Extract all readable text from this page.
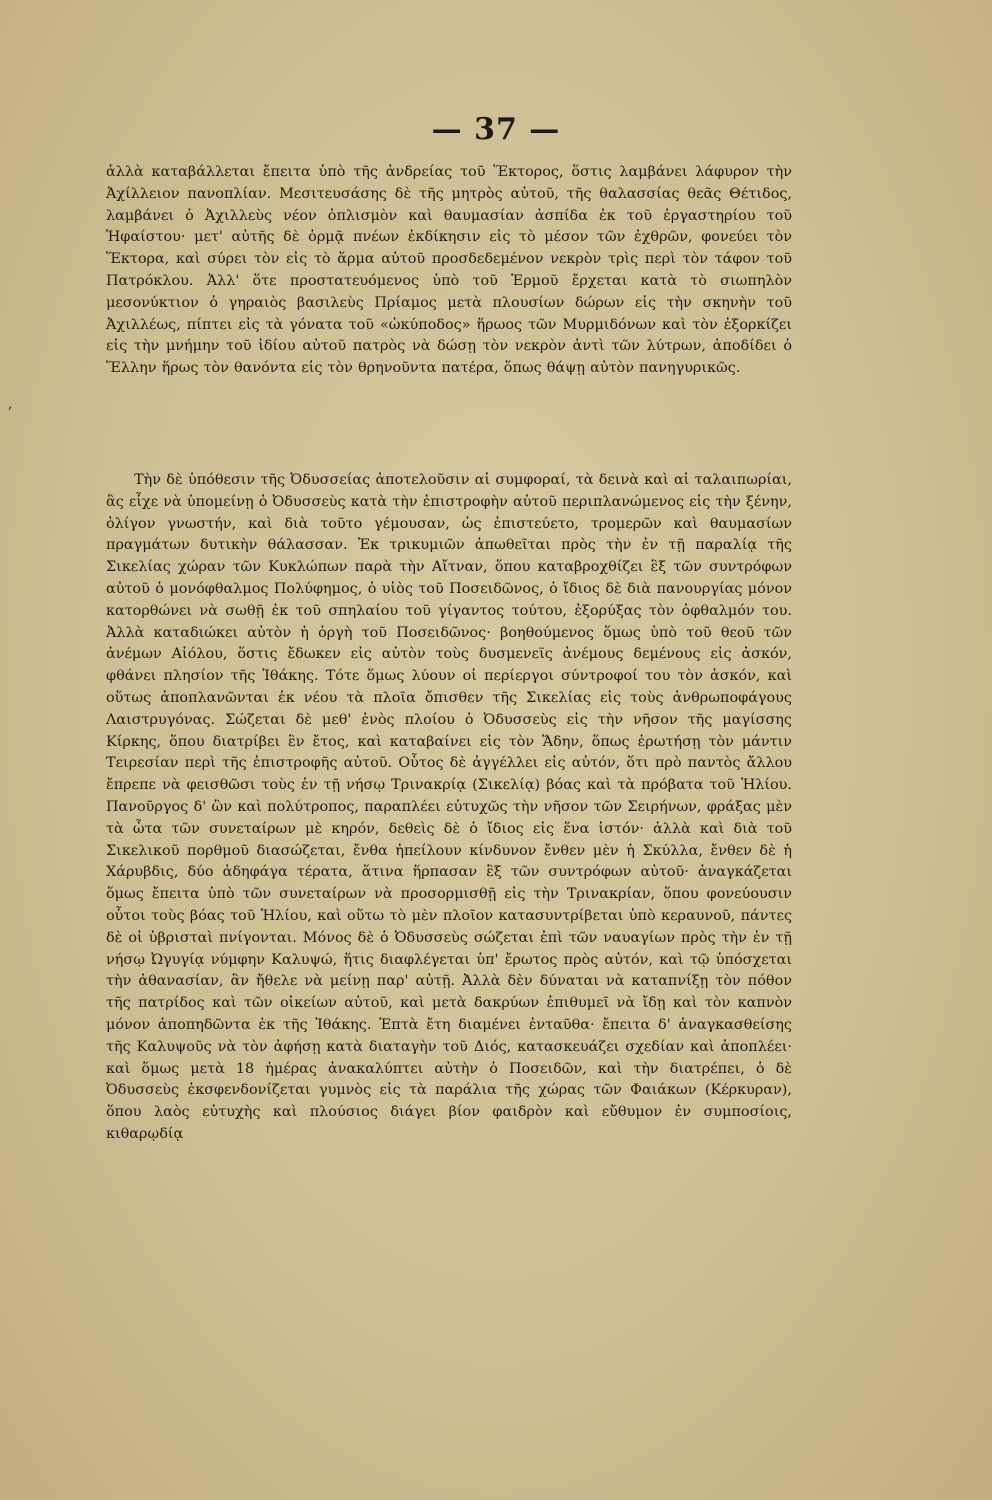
— 37 —

ἀλλὰ καταβάλλεται ἔπειτα ὑπὸ τῆς ἀνδρείας τοῦ Ἕκτορος, ὅστις λαμβάνει λάφυρον τὴν Ἀχίλλειον πανοπλίαν. Μεσιτευσάσης δὲ τῆς μητρὸς αὐτοῦ, τῆς θαλασσίας θεᾶς Θέτιδος, λαμβάνει ὁ Ἀχιλλεὺς νέον ὁπλισμὸν καὶ θαυμασίαν ἀσπίδα ἐκ τοῦ ἐργαστηρίου τοῦ Ἡφαίστου· μετ' αὐτῆς δὲ ὁρμᾷ πνέων ἐκδίκησιν εἰς τὸ μέσον τῶν ἐχθρῶν, φονεύει τὸν Ἕκτορα, καὶ σύρει τὸν εἰς τὸ ἅρμα αὐτοῦ προσδεδεμένον νεκρὸν τρὶς περὶ τὸν τάφον τοῦ Πατρόκλου. Ἀλλ' ὅτε προστατευόμενος ὑπὸ τοῦ Ἑρμοῦ ἔρχεται κατὰ τὸ σιωπηλὸν μεσονύκτιον ὁ γηραιὸς βασιλεὺς Πρίαμος μετὰ πλουσίων δώρων εἰς τὴν σκηνὴν τοῦ Ἀχιλλέως, πίπτει εἰς τὰ γόνατα τοῦ «ὠκύποδος» ἥρωος τῶν Μυρμιδόνων καὶ τὸν ἐξορκίζει εἰς τὴν μνήμην τοῦ ἰδίου αὐτοῦ πατρὸς νὰ δώσῃ τὸν νεκρὸν ἀντὶ τῶν λύτρων, ἀποδίδει ὁ Ἕλλην ἥρως τὸν θανόντα εἰς τὸν θρηνοῦντα πατέρα, ὅπως θάψῃ αὐτὸν πανηγυρικῶς.

Τὴν δὲ ὑπόθεσιν τῆς Ὀδυσσείας ἀποτελοῦσιν αἱ συμφοραί, τὰ δεινὰ καὶ αἱ ταλαιπωρίαι, ἃς εἶχε νὰ ὑπομείνῃ ὁ Ὀδυσσεὺς κατὰ τὴν ἐπιστροφὴν αὐτοῦ περιπλανώμενος εἰς τὴν ξένην, ὀλίγον γνωστήν, καὶ διὰ τοῦτο γέμουσαν, ὡς ἐπιστεύετο, τρομερῶν καὶ θαυμασίων πραγμάτων δυτικὴν θάλασσαν. Ἐκ τρικυμιῶν ἀπωθεῖται πρὸς τὴν ἐν τῇ παραλίᾳ τῆς Σικελίας χώραν τῶν Κυκλώπων παρὰ τὴν Αἴτναν, ὅπου καταβροχθίζει ἓξ τῶν συντρόφων αὐτοῦ ὁ μονόφθαλμος Πολύφημος, ὁ υἱὸς τοῦ Ποσειδῶνος, ὁ ἴδιος δὲ διὰ πανουργίας μόνον κατορθώνει νὰ σωθῇ ἐκ τοῦ σπηλαίου τοῦ γίγαντος τούτου, ἐξορύξας τὸν ὀφθαλμόν του. Ἀλλὰ καταδιώκει αὐτὸν ἡ ὀργὴ τοῦ Ποσειδῶνος· βοηθούμενος ὅμως ὑπὸ τοῦ θεοῦ τῶν ἀνέμων Αἰόλου, ὅστις ἔδωκεν εἰς αὐτὸν τοὺς δυσμενεῖς ἀνέμους δεμένους εἰς ἀσκόν, φθάνει πλησίον τῆς Ἰθάκης. Τότε ὅμως λύουν οἱ περίεργοι σύντροφοί του τὸν ἀσκόν, καὶ οὕτως ἀποπλανῶνται ἐκ νέου τὰ πλοῖα ὄπισθεν τῆς Σικελίας εἰς τοὺς ἀνθρωποφάγους Λαιστρυγόνας. Σώζεται δὲ μεθ' ἑνὸς πλοίου ὁ Ὀδυσσεὺς εἰς τὴν νῆσον τῆς μαγίσσης Κίρκης, ὅπου διατρίβει ἓν ἔτος, καὶ καταβαίνει εἰς τὸν Ἅδην, ὅπως ἐρωτήσῃ τὸν μάντιν Τειρεσίαν περὶ τῆς ἐπιστροφῆς αὐτοῦ. Οὗτος δὲ ἀγγέλλει εἰς αὐτόν, ὅτι πρὸ παντὸς ἄλλου ἔπρεπε νὰ φεισθῶσι τοὺς ἐν τῇ νήσῳ Τρινακρίᾳ (Σικελίᾳ) βόας καὶ τὰ πρόβατα τοῦ Ἡλίου. Πανοῦργος δ' ὢν καὶ πολύτροπος, παραπλέει εὐτυχῶς τὴν νῆσον τῶν Σειρήνων, φράξας μὲν τὰ ὦτα τῶν συνεταίρων μὲ κηρόν, δεθεὶς δὲ ὁ ἴδιος εἰς ἕνα ἱστόν· ἀλλὰ καὶ διὰ τοῦ Σικελικοῦ πορθμοῦ διασώζεται, ἔνθα ἠπείλουν κίνδυνον ἔνθεν μὲν ἡ Σκύλλα, ἔνθεν δὲ ἡ Χάρυβδις, δύο ἀδηφάγα τέρατα, ἅτινα ἥρπασαν ἓξ τῶν συντρόφων αὐτοῦ· ἀναγκάζεται ὅμως ἔπειτα ὑπὸ τῶν συνεταίρων νὰ προσορμισθῇ εἰς τὴν Τρινακρίαν, ὅπου φονεύουσιν οὗτοι τοὺς βόας τοῦ Ἡλίου, καὶ οὕτω τὸ μὲν πλοῖον κατασυντρίβεται ὑπὸ κεραυνοῦ, πάντες δὲ οἱ ὑβρισταὶ πνίγονται. Μόνος δὲ ὁ Ὀδυσσεὺς σώζεται ἐπὶ τῶν ναυαγίων πρὸς τὴν ἐν τῇ νήσῳ Ὠγυγίᾳ νύμφην Καλυψώ, ἥτις διαφλέγεται ὑπ' ἔρωτος πρὸς αὐτόν, καὶ τῷ ὑπόσχεται τὴν ἀθανασίαν, ἂν ἤθελε νὰ μείνῃ παρ' αὐτῇ. Ἀλλὰ δὲν δύναται νὰ καταπνίξῃ τὸν πόθον τῆς πατρίδος καὶ τῶν οἰκείων αὐτοῦ, καὶ μετὰ δακρύων ἐπιθυμεῖ νὰ ἴδῃ καὶ τὸν καπνὸν μόνον ἀποπηδῶντα ἐκ τῆς Ἰθάκης. Ἑπτὰ ἔτη διαμένει ἐνταῦθα· ἔπειτα δ' ἀναγκασθείσης τῆς Καλυψοῦς νὰ τὸν ἀφήσῃ κατὰ διαταγὴν τοῦ Διός, κατασκευάζει σχεδίαν καὶ ἀποπλέει· καὶ ὅμως μετὰ 18 ἡμέρας ἀνακαλύπτει αὐτὴν ὁ Ποσειδῶν, καὶ τὴν διατρέπει, ὁ δὲ Ὀδυσσεὺς ἐκσφενδονίζεται γυμνὸς εἰς τὰ παράλια τῆς χώρας τῶν Φαιάκων (Κέρκυραν), ὅπου λαὸς εὐτυχὴς καὶ πλούσιος διάγει βίον φαιδρὸν καὶ εὔθυμον ἐν συμποσίοις, κιθαρῳδίᾳ

,
